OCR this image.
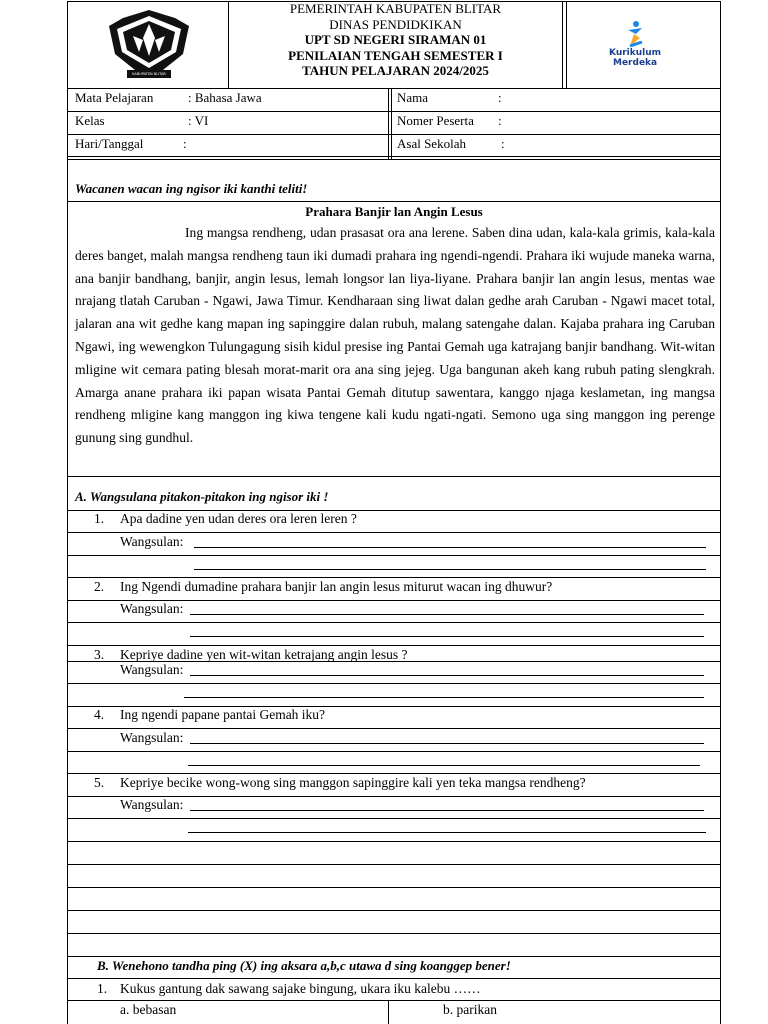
KABUPATEN BLITAR
PEMERINTAH KABUPATEN BLITAR
DINAS PENDIDKIKAN
UPT SD NEGERI SIRAMAN 01
PENILAIAN TENGAH SEMESTER I
TAHUN PELAJARAN 2024/2025
Kurikulum
Merdeka
Mata Pelajaran	: Bahasa Jawa
Kelas	: VI
Hari/Tanggal	:
Nama	:
Nomer Peserta :
Asal Sekolah	:
Wacanen wacan ing ngisor iki kanthi teliti!
Prahara Banjir lan Angin Lesus

Ing mangsa rendheng, udan prasasat ora ana lerene. Saben dina udan, kala-kala grimis, kala-kala deres banget, malah mangsa rendheng taun iki dumadi prahara ing ngendi-ngendi. Prahara iki wujude maneka warna, ana banjir bandhang, banjir, angin lesus, lemah longsor lan liya-liyane. Prahara banjir lan angin lesus, mentas wae nrajang tlatah Caruban - Ngawi, Jawa Timur. Kendharaan sing liwat dalan gedhe arah Caruban - Ngawi macet total, jalaran ana wit gedhe kang mapan ing sapinggire dalan rubuh, malang satengahe dalan. Kajaba prahara ing Caruban Ngawi, ing wewengkon Tulungagung sisih kidul presise ing Pantai Gemah uga katrajang banjir bandhang. Wit-witan mligine wit cemara pating blesah morat-marit ora ana sing jejeg. Uga bangunan akeh kang rubuh pating slengkrah. Amarga anane prahara iki papan wisata Pantai Gemah ditutup sawentara, kanggo njaga keslametan, ing mangsa rendheng mligine kang manggon ing kiwa tengene kali kudu ngati-ngati. Semono uga sing manggon ing perenge gunung sing gundhul.

A. Wangsulana pitakon-pitakon ing ngisor iki !
1. Apa dadine yen udan deres ora leren leren ?
Wangsulan:
2. Ing Ngendi dumadine prahara banjir lan angin lesus miturut wacan ing dhuwur?
Wangsulan:
3. Kepriye dadine yen wit-witan ketrajang angin lesus ?
Wangsulan:
4. Ing ngendi papane pantai Gemah iku?
Wangsulan:
5. Kepriye becike wong-wong sing manggon sapinggire kali yen teka mangsa rendheng?
Wangsulan:
B. Wenehono tandha ping (X) ing aksara a,b,c utawa d sing koanggep bener!
1. Kukus gantung dak sawang sajake bingung, ukara iku kalebu ……
a. bebasan	b. parikan
